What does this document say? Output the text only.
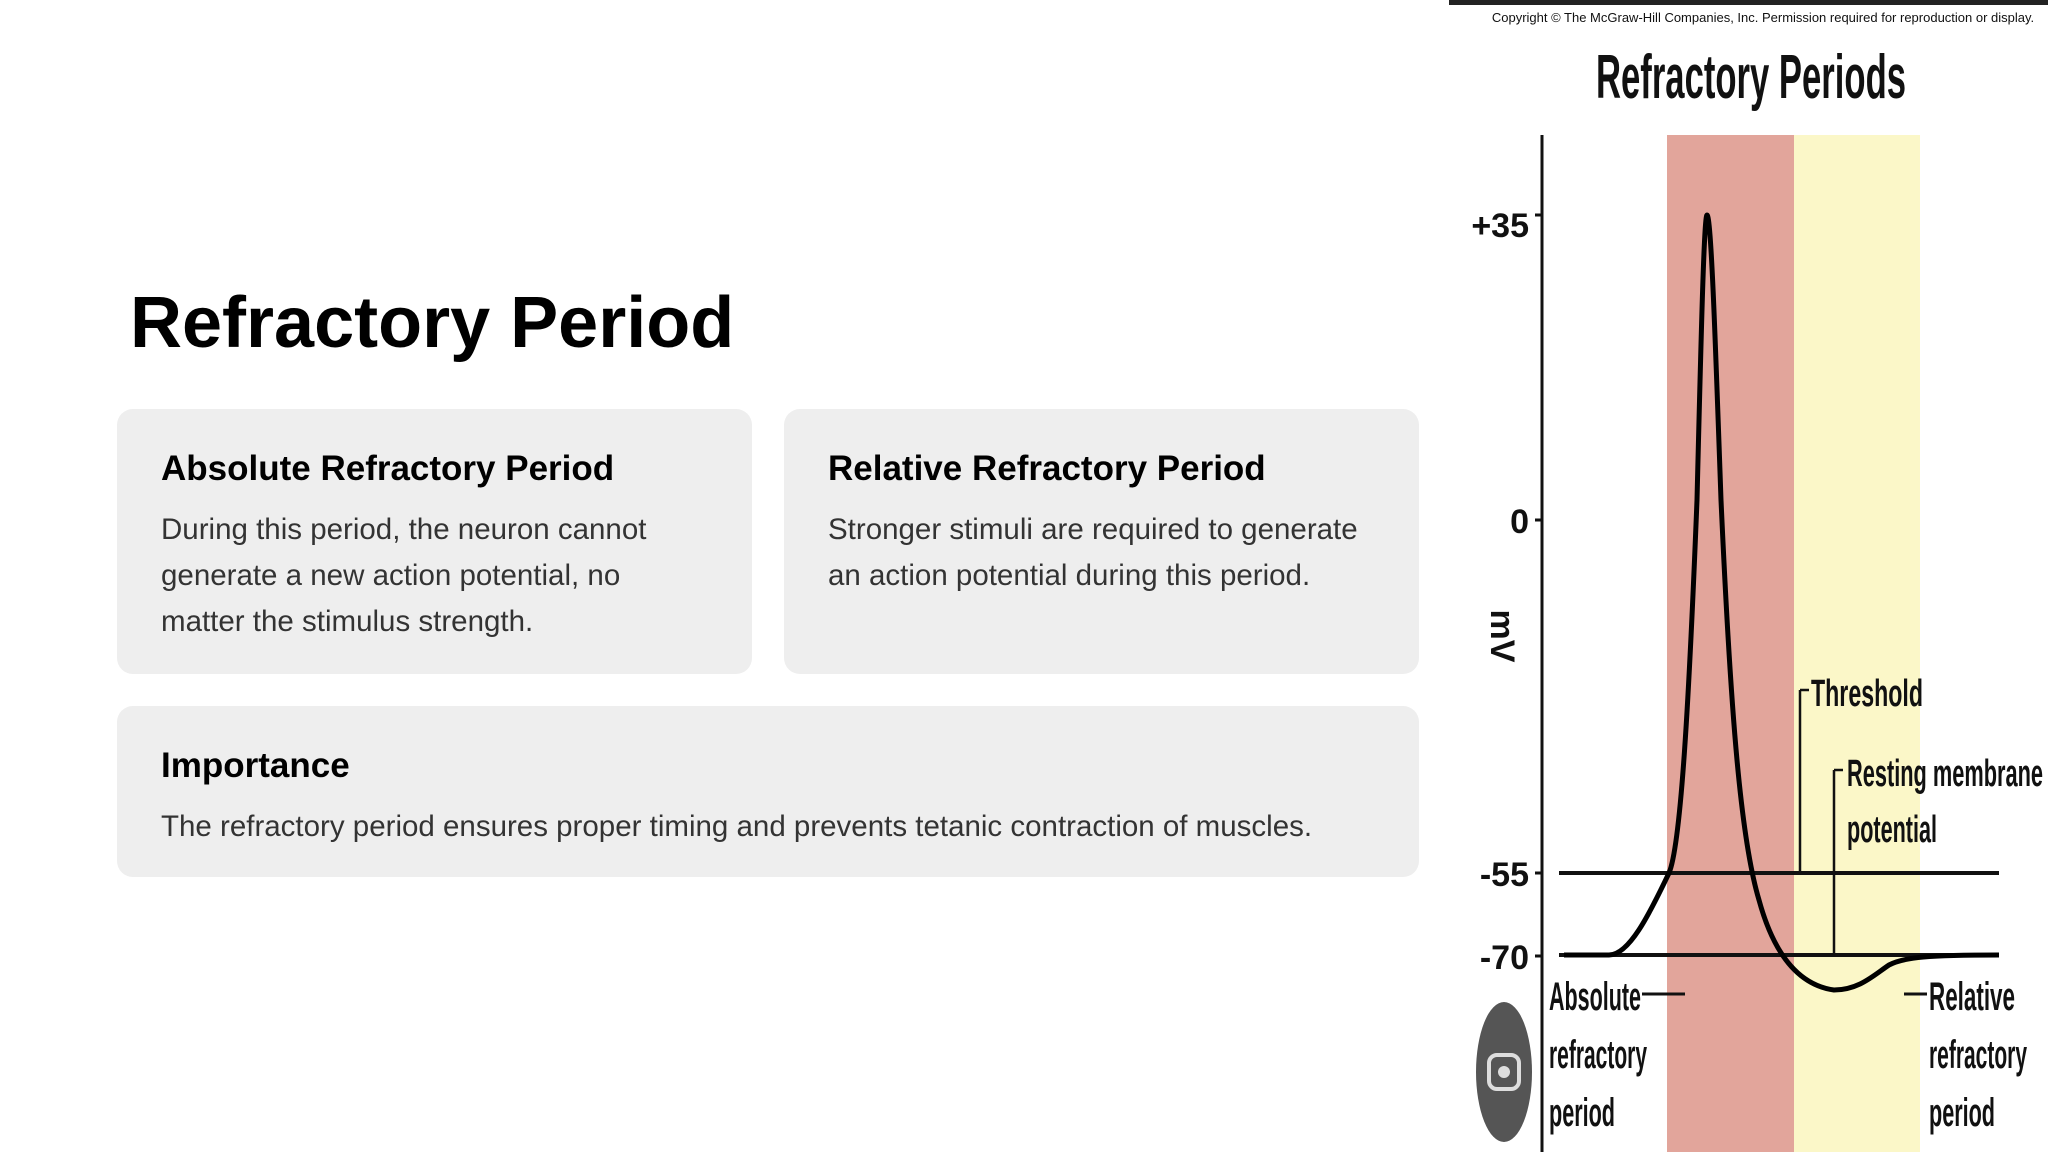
Refractory Period
Absolute Refractory Period

During this period, the neuron cannot generate a new action potential, no matter the stimulus strength.

Relative Refractory Period

Stronger stimuli are required to generate an action potential during this period.

Importance

The refractory period ensures proper timing and prevents tetanic contraction of muscles.

Copyright © The McGraw-Hill Companies, Inc. Permission required for reproduction or display.
Refractory Periods
+35
0
-55
-70
mV
Threshold
Resting membrane
potential
Absolute
refractory
period
Relative
refractory
period
